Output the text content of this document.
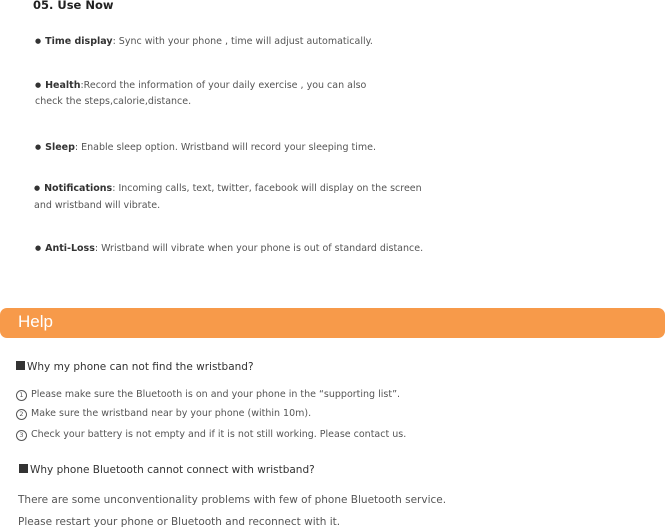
05. Use Now
● Time display: Sync with your phone , time will adjust automatically.
● Health:Record the information of your daily exercise , you can also
check the steps,calorie,distance.
● Sleep: Enable sleep option. Wristband will record your sleeping time.
● Notifications: Incoming calls, text, twitter, facebook will display on the screen
and wristband will vibrate.
● Anti-Loss: Wristband will vibrate when your phone is out of standard distance.
Help
Why my phone can not find the wristband?
1 Please make sure the Bluetooth is on and your phone in the “supporting list”.
2 Make sure the wristband near by your phone (within 10m).
3 Check your battery is not empty and if it is not still working. Please contact us.
Why phone Bluetooth cannot connect with wristband?
There are some unconventionality problems with few of phone Bluetooth service.
Please restart your phone or Bluetooth and reconnect with it.
